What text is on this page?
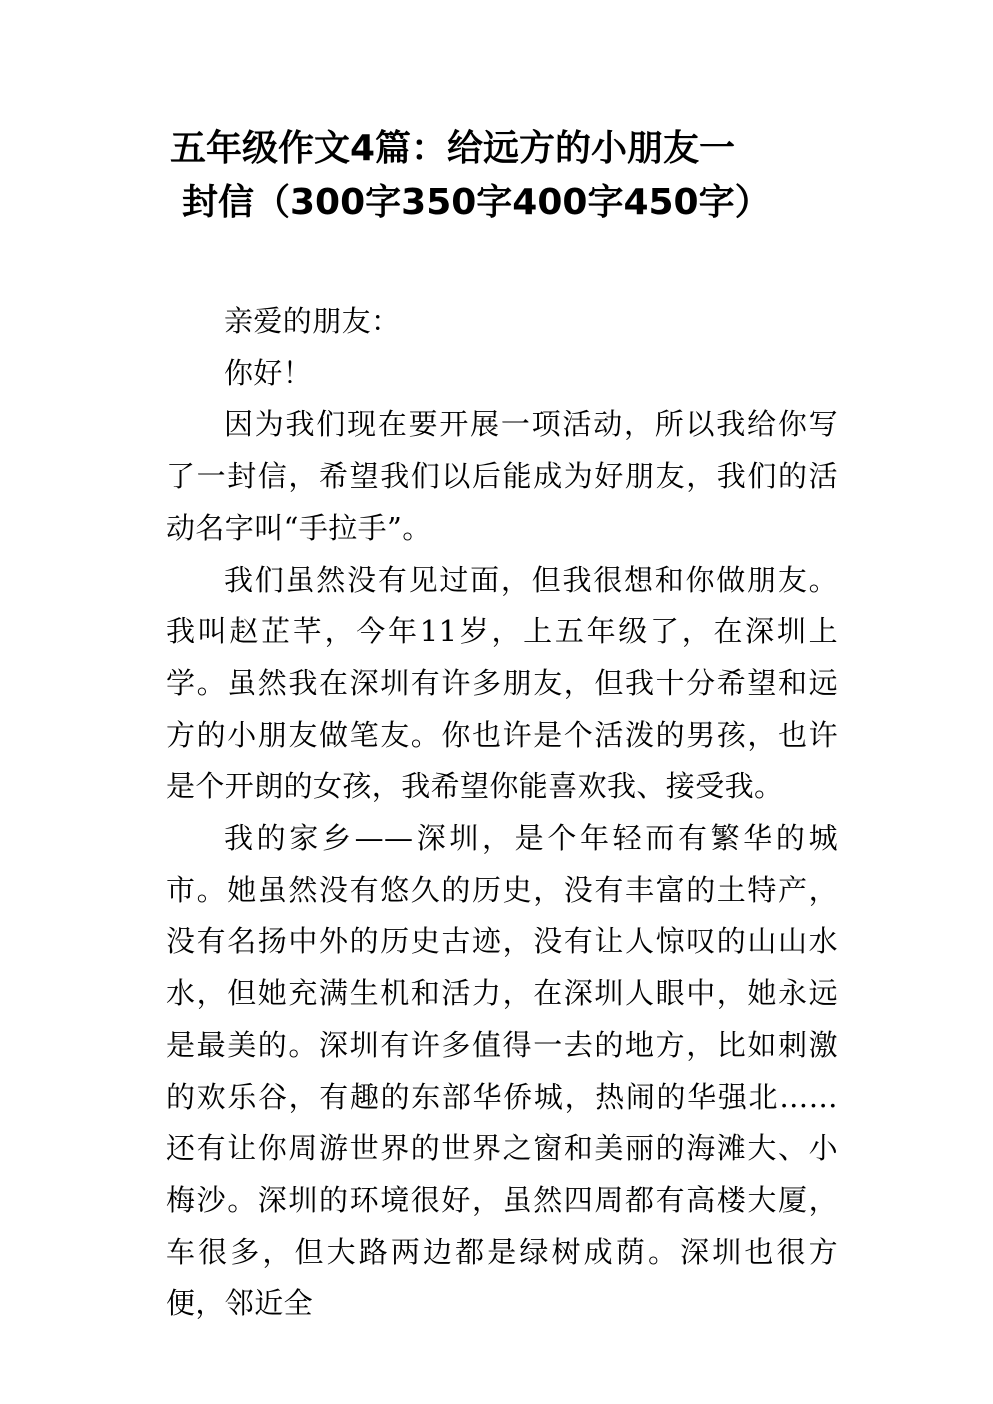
五年级作文4篇：给远方的小朋友一
封信（300字350字400字450字）

亲爱的朋友：

你好！

因为我们现在要开展一项活动，所以我给你写了一封信，希望我们以后能成为好朋友，我们的活动名字叫“手拉手”。

我们虽然没有见过面，但我很想和你做朋友。我叫赵芷芊，今年11岁，上五年级了，在深圳上学。虽然我在深圳有许多朋友，但我十分希望和远方的小朋友做笔友。你也许是个活泼的男孩，也许是个开朗的女孩，我希望你能喜欢我、接受我。

我的家乡——深圳，是个年轻而有繁华的城市。她虽然没有悠久的历史，没有丰富的土特产，没有名扬中外的历史古迹，没有让人惊叹的山山水水，但她充满生机和活力，在深圳人眼中，她永远是最美的。深圳有许多值得一去的地方，比如刺激的欢乐谷，有趣的东部华侨城，热闹的华强北……还有让你周游世界的世界之窗和美丽的海滩大、小梅沙。深圳的环境很好，虽然四周都有高楼大厦，车很多，但大路两边都是绿树成荫。深圳也很方便，邻近全
